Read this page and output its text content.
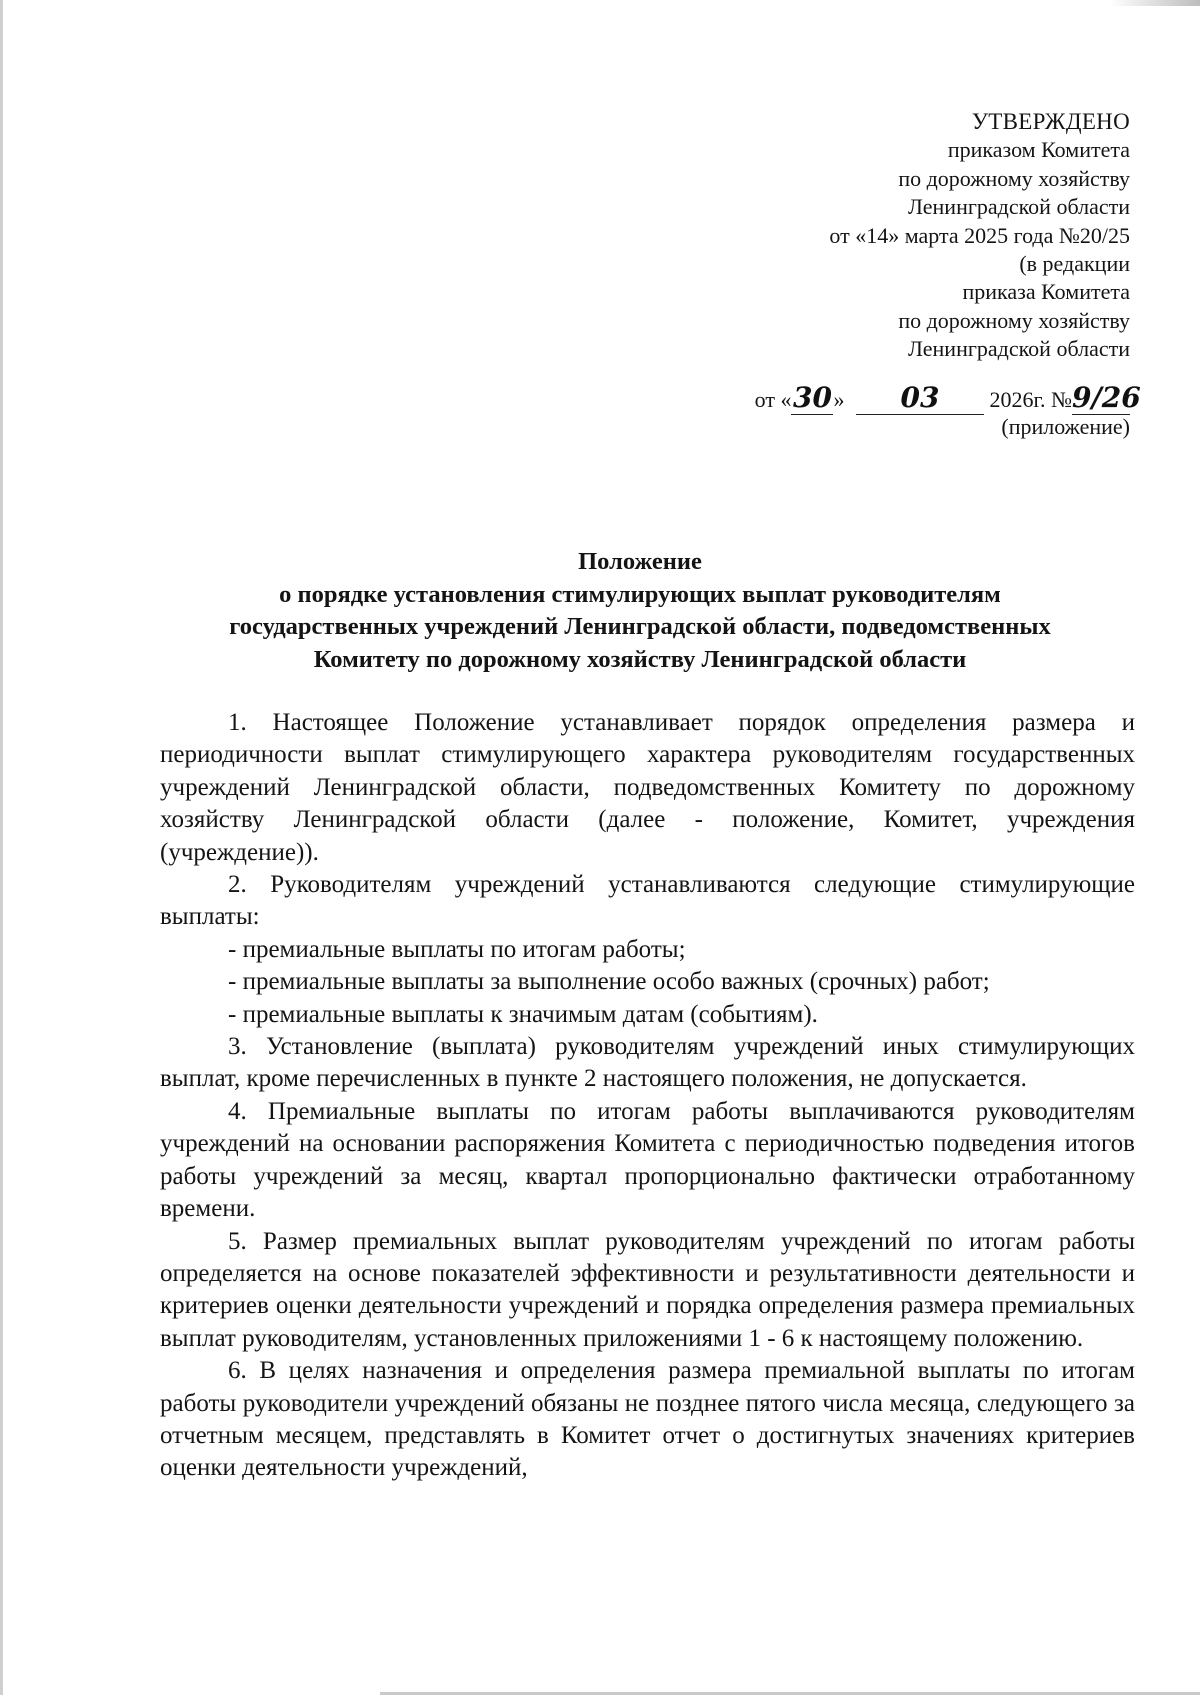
УТВЕРЖДЕНО
приказом Комитета
по дорожному хозяйству
Ленинградской области
от «14» марта 2025 года №20/25
(в редакции
приказа Комитета
по дорожному хозяйству
Ленинградской области
от «30» 03 2026г. №9/26
(приложение)
Положение
о порядке установления стимулирующих выплат руководителям
государственных учреждений Ленинградской области, подведомственных
Комитету по дорожному хозяйству Ленинградской области

1. Настоящее Положение устанавливает порядок определения размера и периодичности выплат стимулирующего характера руководителям государственных учреждений Ленинградской области, подведомственных Комитету по дорожному хозяйству Ленинградской области (далее - положение, Комитет, учреждения (учреждение)).

2. Руководителям учреждений устанавливаются следующие стимулирующие выплаты:

- премиальные выплаты по итогам работы;

- премиальные выплаты за выполнение особо важных (срочных) работ;

- премиальные выплаты к значимым датам (событиям).

3. Установление (выплата) руководителям учреждений иных стимулирующих выплат, кроме перечисленных в пункте 2 настоящего положения, не допускается.

4. Премиальные выплаты по итогам работы выплачиваются руководителям учреждений на основании распоряжения Комитета с периодичностью подведения итогов работы учреждений за месяц, квартал пропорционально фактически отработанному времени.

5. Размер премиальных выплат руководителям учреждений по итогам работы определяется на основе показателей эффективности и результативности деятельности и критериев оценки деятельности учреждений и порядка определения размера премиальных выплат руководителям, установленных приложениями 1 - 6 к настоящему положению.

6. В целях назначения и определения размера премиальной выплаты по итогам работы руководители учреждений обязаны не позднее пятого числа месяца, следующего за отчетным месяцем, представлять в Комитет отчет о достигнутых значениях критериев оценки деятельности учреждений,
